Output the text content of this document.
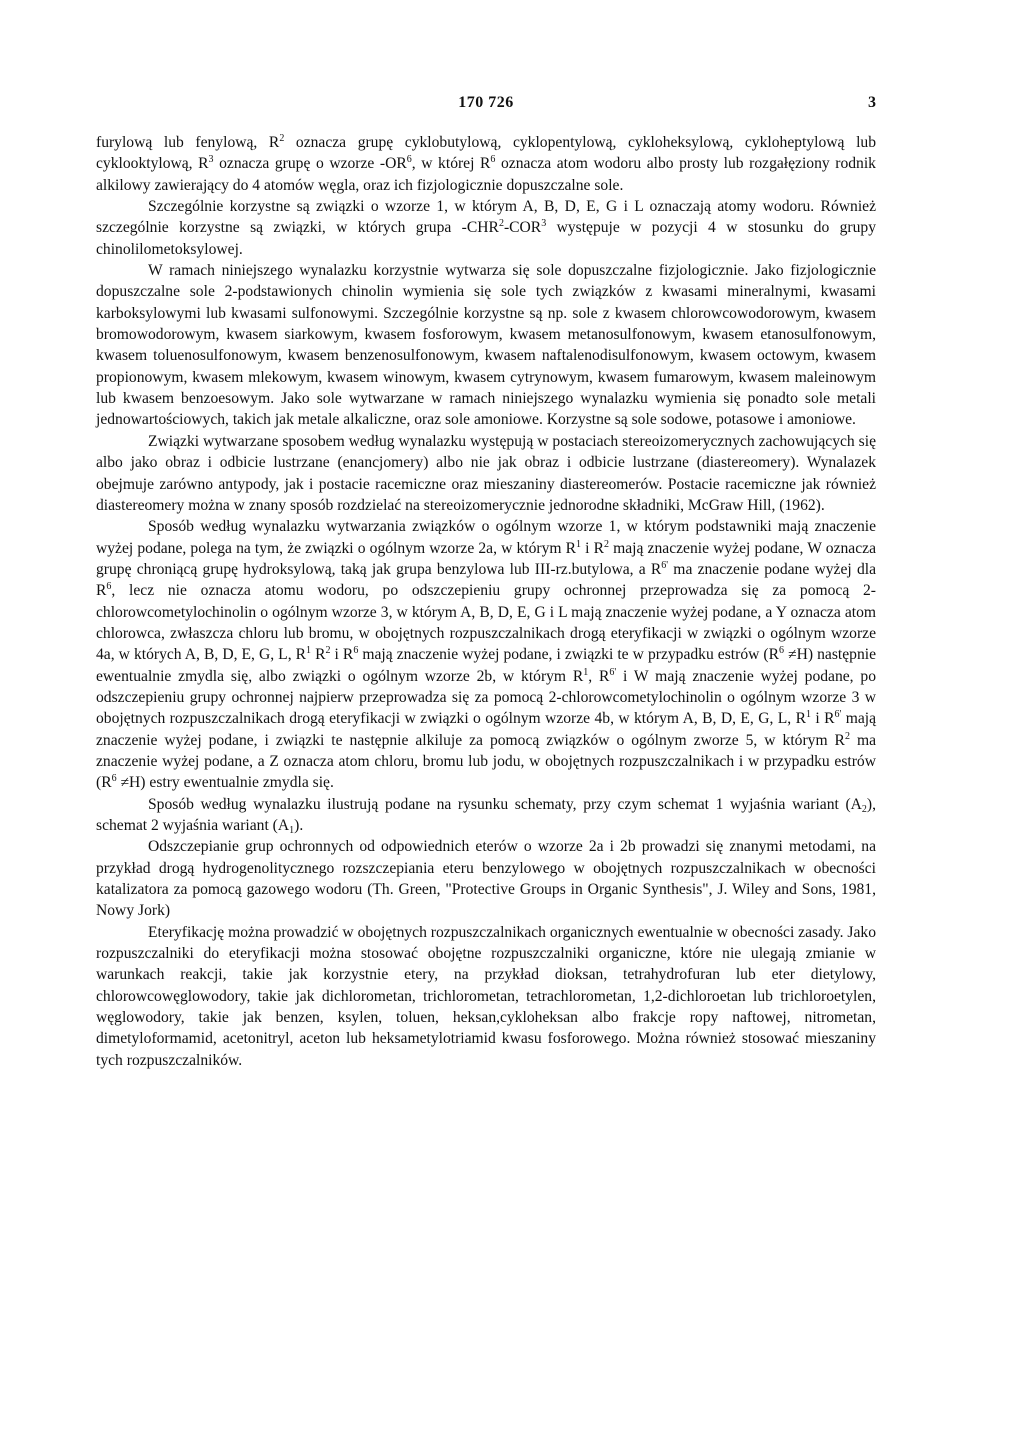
170 726	3

furylową lub fenylową, $R^2$ oznacza grupę cyklobutylową, cyklopentylową, cykloheksylową, cykloheptylową lub cyklooktylową, $R^3$ oznacza grupę o wzorze $-OR^6$, w której $R^6$ oznacza atom wodoru albo prosty lub rozgałęziony rodnik alkilowy zawierający do 4 atomów węgla, oraz ich fizjologicznie dopuszczalne sole.

Szczególnie korzystne są związki o wzorze 1, w którym A, B, D, E, G i L oznaczają atomy wodoru. Również szczególnie korzystne są związki, w których grupa -CHR$^2$-COR$^3$ występuje w pozycji 4 w stosunku do grupy chinolilometoksylowej.

W ramach niniejszego wynalazku korzystnie wytwarza się sole dopuszczalne fizjologicznie. Jako fizjologicznie dopuszczalne sole 2-podstawionych chinolin wymienia się sole tych związków z kwasami mineralnymi, kwasami karboksylowymi lub kwasami sulfonowymi. Szczególnie korzystne są np. sole z kwasem chlorowcowodorowym, kwasem bromowodorowym, kwasem siarkowym, kwasem fosforowym, kwasem metanosulfonowym, kwasem etanosulfonowym, kwasem toluenosulfonowym, kwasem benzenosulfonowym, kwasem naftalenodisulfonowym, kwasem octowym, kwasem propionowym, kwasem mlekowym, kwasem winowym, kwasem cytrynowym, kwasem fumarowym, kwasem maleinowym lub kwasem benzoesowym. Jako sole wytwarzane w ramach niniejszego wynalazku wymienia się ponadto sole metali jednowartościowych, takich jak metale alkaliczne, oraz sole amoniowe. Korzystne są sole sodowe, potasowe i amoniowe.

Związki wytwarzane sposobem według wynalazku występują w postaciach stereoizomerycznych zachowujących się albo jako obraz i odbicie lustrzane (enancjomery) albo nie jak obraz i odbicie lustrzane (diastereomery). Wynalazek obejmuje zarówno antypody, jak i postacie racemiczne oraz mieszaniny diastereomerów. Postacie racemiczne jak również diastereomery można w znany sposób rozdzielać na stereoizomerycznie jednorodne składniki, McGraw Hill, (1962).

Sposób według wynalazku wytwarzania związków o ogólnym wzorze 1, w którym podstawniki mają znaczenie wyżej podane, polega na tym, że związki o ogólnym wzorze 2a, w którym $R^1$ i $R^2$ mają znaczenie wyżej podane, W oznacza grupę chroniącą grupę hydroksylową, taką jak grupa benzylowa lub III-rz.butylowa, a $R^{6'}$ ma znaczenie podane wyżej dla $R^6$, lecz nie oznacza atomu wodoru, po odszczepieniu grupy ochronnej przeprowadza się za pomocą 2-chlorowcometylochinolin o ogólnym wzorze 3, w którym A, B, D, E, G i L mają znaczenie wyżej podane, a Y oznacza atom chlorowca, zwłaszcza chloru lub bromu, w obojętnych rozpuszczalnikach drogą eteryfikacji w związki o ogólnym wzorze 4a, w których A, B, D, E, G, L, $R^1$ $R^2$ i $R^6$ mają znaczenie wyżej podane, i związki te w przypadku estrów $(R^6 \ne H)$ następnie ewentualnie zmydla się, albo związki o ogólnym wzorze 2b, w którym $R^1$, $R^{6'}$ i W mają znaczenie wyżej podane, po odszczepieniu grupy ochronnej najpierw przeprowadza się za pomocą 2-chlorowcometylochinolin o ogólnym wzorze 3 w obojętnych rozpuszczalnikach drogą eteryfikacji w związki o ogólnym wzorze 4b, w którym A, B, D, E, G, L, $R^1$ i $R^{6'}$ mają znaczenie wyżej podane, i związki te następnie alkiluje za pomocą związków o ogólnym zworze 5, w którym $R^2$ ma znaczenie wyżej podane, a Z oznacza atom chloru, bromu lub jodu, w obojętnych rozpuszczalnikach i w przypadku estrów $(R^6 \ne H)$ estry ewentualnie zmydla się.

Sposób według wynalazku ilustrują podane na rysunku schematy, przy czym schemat 1 wyjaśnia wariant $(A_2)$, schemat 2 wyjaśnia wariant $(A_1)$.

Odszczepianie grup ochronnych od odpowiednich eterów o wzorze 2a i 2b prowadzi się znanymi metodami, na przykład drogą hydrogenolitycznego rozszczepiania eteru benzylowego w obojętnych rozpuszczalnikach w obecności katalizatora za pomocą gazowego wodoru (Th. Green, "Protective Groups in Organic Synthesis", J. Wiley and Sons, 1981, Nowy Jork)

Eteryfikację można prowadzić w obojętnych rozpuszczalnikach organicznych ewentualnie w obecności zasady. Jako rozpuszczalniki do eteryfikacji można stosować obojętne rozpuszczalniki organiczne, które nie ulegają zmianie w warunkach reakcji, takie jak korzystnie etery, na przykład dioksan, tetrahydrofuran lub eter dietylowy, chlorowcowęglowodory, takie jak dichlorometan, trichlorometan, tetrachlorometan, 1,2-dichloroetan lub trichloroetylen, węglowodory, takie jak benzen, ksylen, toluen, heksan,cykloheksan albo frakcje ropy naftowej, nitrometan, dimetyloformamid, acetonitryl, aceton lub heksametylotriamid kwasu fosforowego. Można również stosować mieszaniny tych rozpuszczalników.
